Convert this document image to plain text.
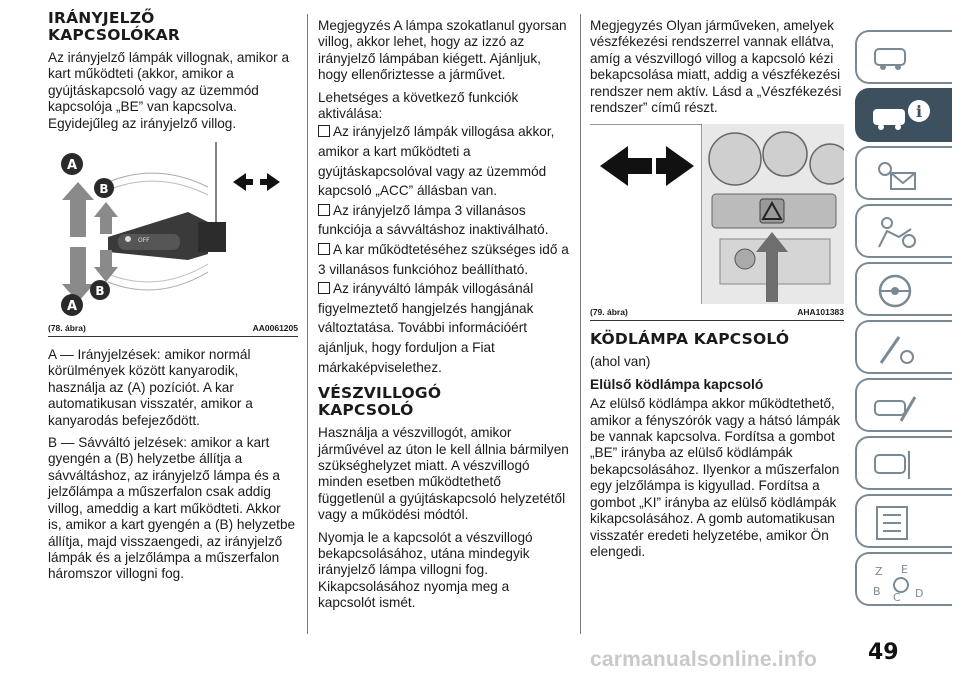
IRÁNYJELZŐ
KAPCSOLÓKAR

Az irányjelző lámpák villognak, amikor a kart működteti (akkor, amikor a gyújtáskapcsoló vagy az üzemmód kapcsolója „BE” van kapcsolva. Egyidejűleg az irányjelző villog.

OFF
A
B
A
B
(78. ábra)	AA0061205

A — Irányjelzések: amikor normál körülmények között kanyarodik, használja az (A) pozíciót. A kar automatikusan visszatér, amikor a kanyarodás befejeződött.

B — Sávváltó jelzések: amikor a kart gyengén a (B) helyzetbe állítja a sávváltáshoz, az irányjelző lámpa és a jelzőlámpa a műszerfalon csak addig villog, ameddig a kart működteti. Akkor is, amikor a kart gyengén a (B) helyzetbe állítja, majd visszaengedi, az irányjelző lámpák és a jelzőlámpa a műszerfalon háromszor villogni fog.

Megjegyzés A lámpa szokatlanul gyorsan villog, akkor lehet, hogy az izzó az irányjelző lámpában kiégett. Ajánljuk, hogy ellenőriztesse a járművet.

Lehetséges a következő funkciók aktiválása:

Az irányjelző lámpák villogása akkor, amikor a kart működteti a gyújtáskapcsolóval vagy az üzemmód kapcsoló „ACC” állásban van.

Az irányjelző lámpa 3 villanásos funkciója a sávváltáshoz inaktiválható.

A kar működtetéséhez szükséges idő a 3 villanásos funkcióhoz beállítható.

Az irányváltó lámpák villogásánál figyelmeztető hangjelzés hangjának változtatása. További információért ajánljuk, hogy forduljon a Fiat márkaképviselethez.

VÉSZVILLOGÓ
KAPCSOLÓ

Használja a vészvillogót, amikor járművével az úton le kell állnia bármilyen szükséghelyzet miatt. A vészvillogó minden esetben működtethető függetlenül a gyújtáskapcsoló helyzetétől vagy a működési módtól.

Nyomja le a kapcsolót a vészvillogó bekapcsolásához, utána mindegyik irányjelző lámpa villogni fog. Kikapcsolásához nyomja meg a kapcsolót ismét.

Megjegyzés Olyan járműveken, amelyek vészfékezési rendszerrel vannak ellátva, amíg a vészvillogó villog a kapcsoló kézi bekapcsolása miatt, addig a vészfékezési rendszer nem aktív. Lásd a „Vészfékezési rendszer” című részt.

(79. ábra)	AHA101383
KÖDLÁMPA KAPCSOLÓ

(ahol van)

Elülső ködlámpa kapcsoló

Az elülső ködlámpa akkor működtethető, amikor a fényszórók vagy a hátsó lámpák be vannak kapcsolva. Fordítsa a gombot „BE” irányba az elülső ködlámpák bekapcsolásához. Ilyenkor a műszerfalon egy jelzőlámpa is kigyullad. Fordítsa a gombot „KI” irányba az elülső ködlámpák kikapcsolásához. A gomb automatikusan visszatér eredeti helyzetébe, amikor Ön elengedi.

i
Z E
B C D
49
carmanualsonline.info
